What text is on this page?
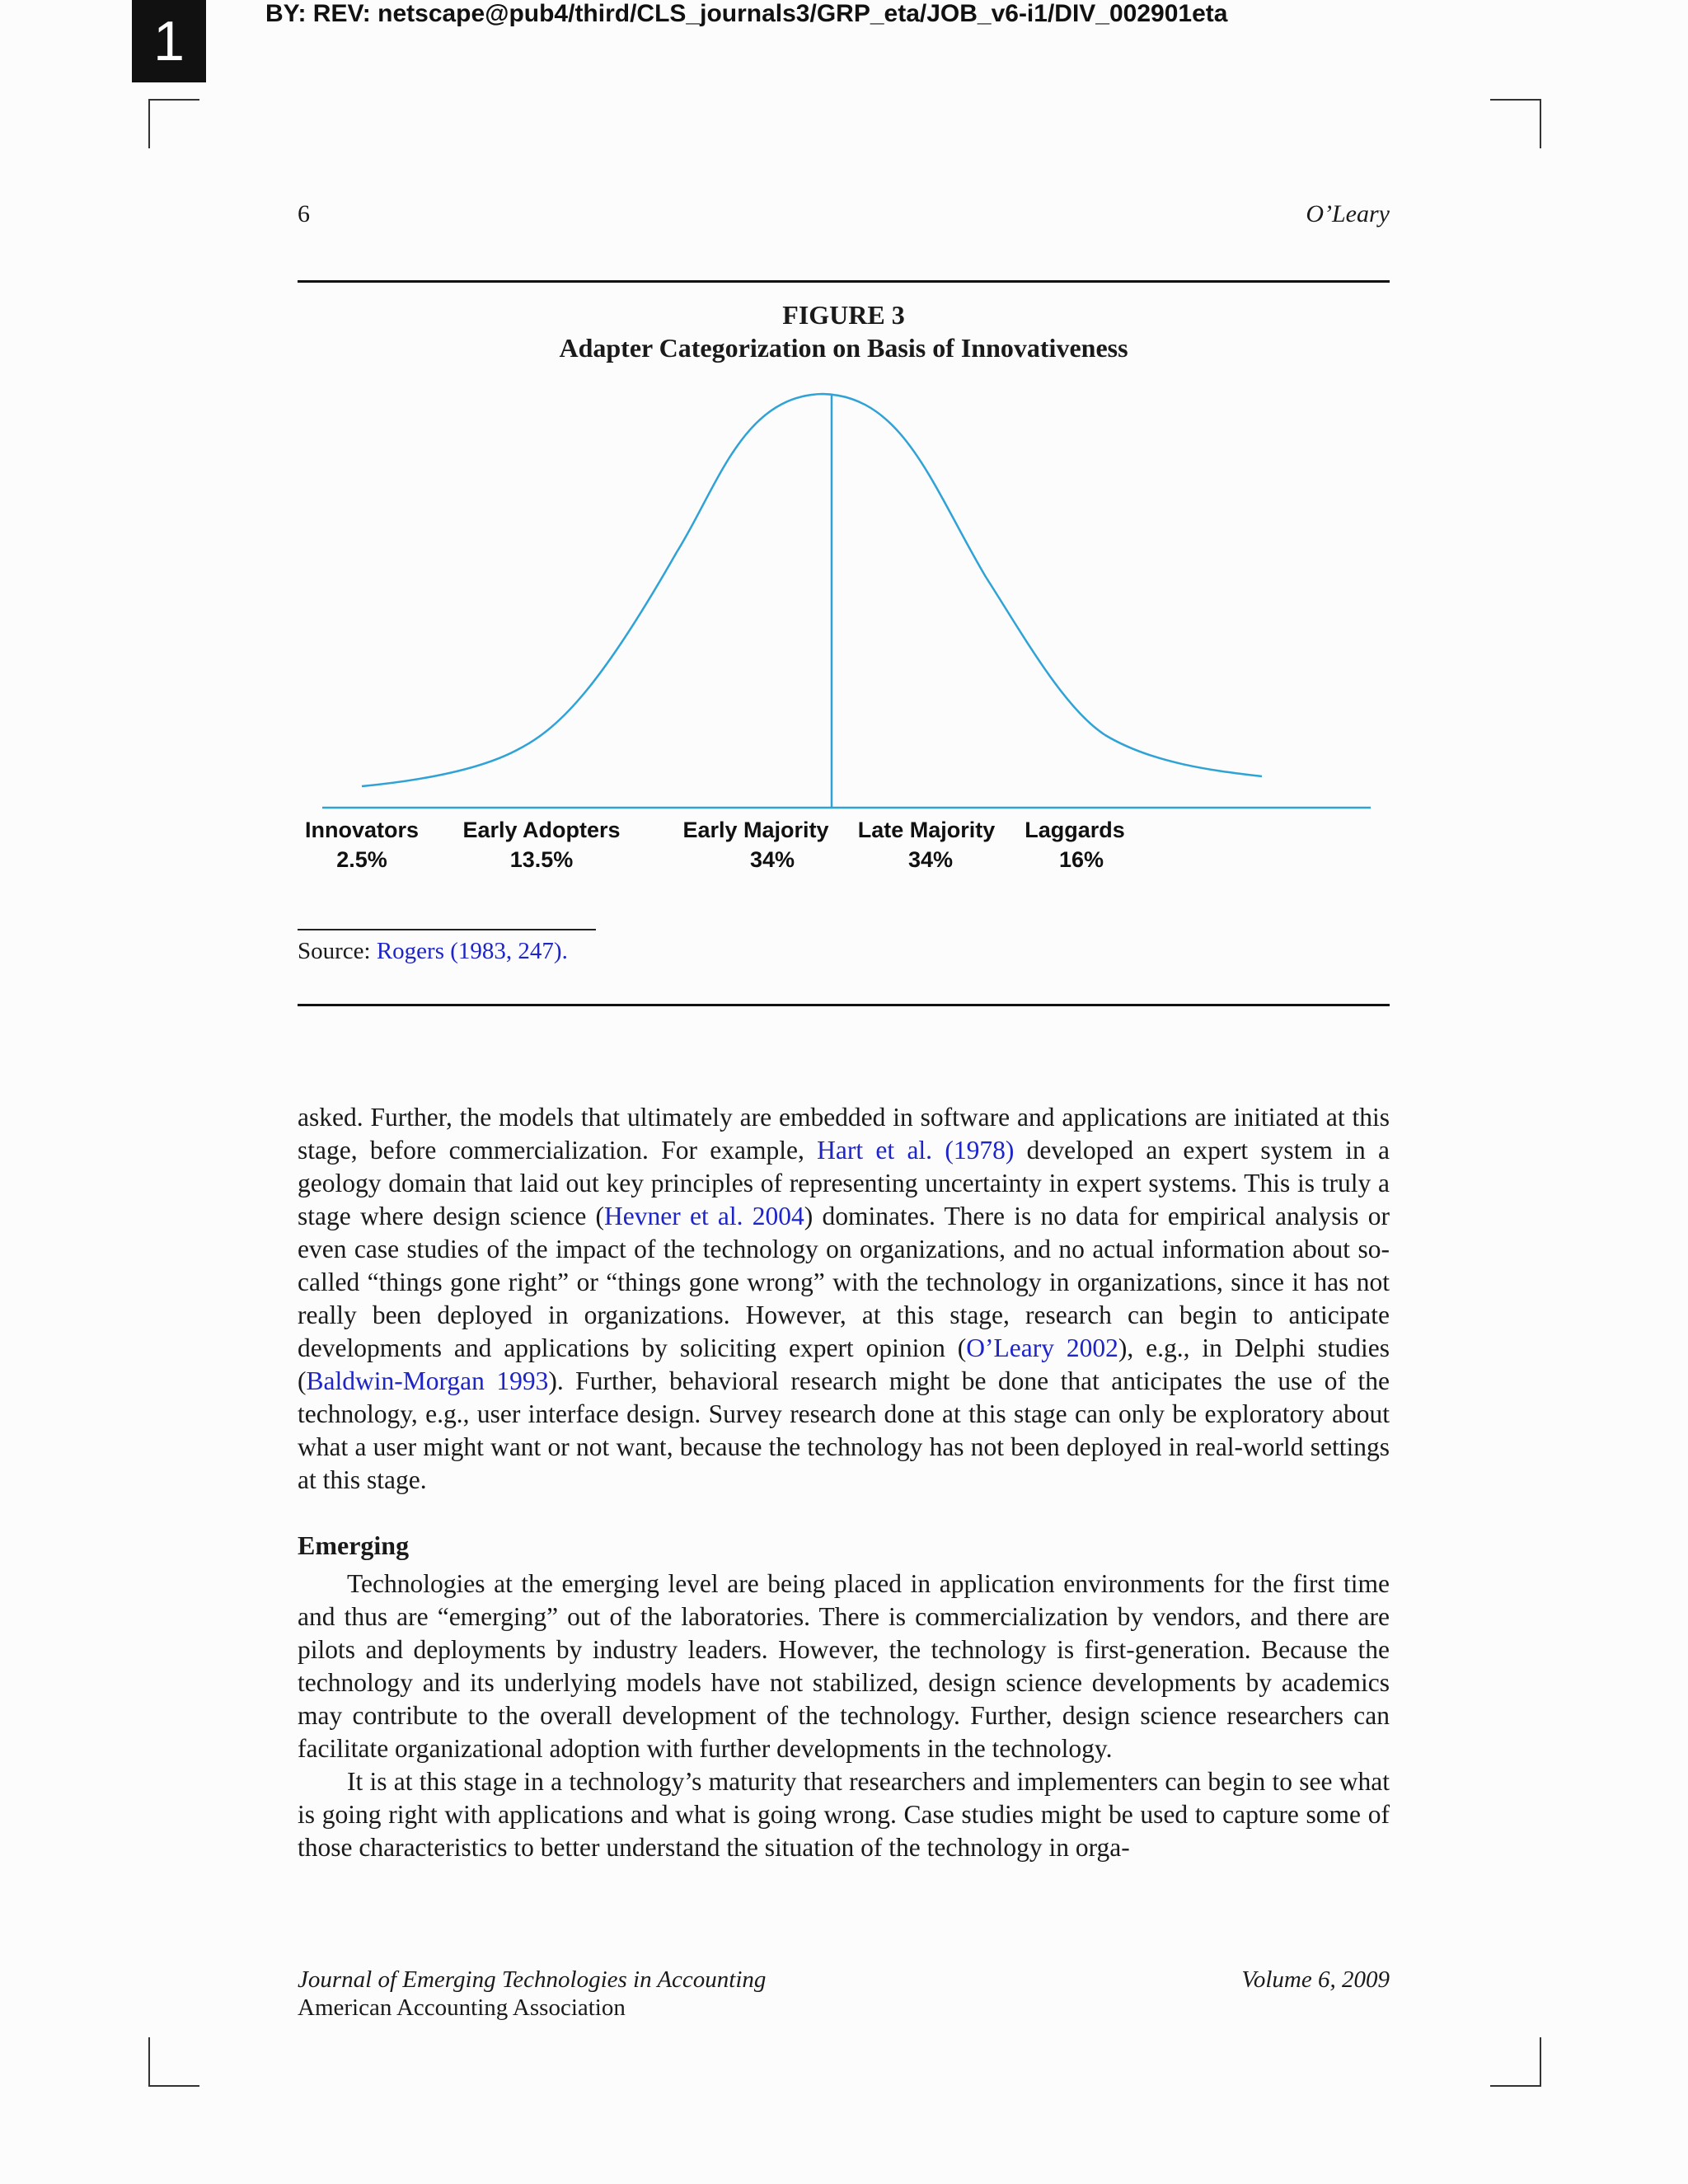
1	BY: REV: netscape@pub4/third/CLS_journals3/GRP_eta/JOB_v6-i1/DIV_002901eta
6	O’Leary
FIGURE 3
Adapter Categorization on Basis of Innovativeness
Innovators
2.5%
Early Adopters
13.5%
Early Majority
34%
Late Majority
34%
Laggards
16%
Source: Rogers (1983, 247).

asked. Further, the models that ultimately are embedded in software and applications are initiated at this stage, before commercialization. For example, Hart et al. (1978) developed an expert system in a geology domain that laid out key principles of representing uncertainty in expert systems. This is truly a stage where design science (Hevner et al. 2004) dominates. There is no data for empirical analysis or even case studies of the impact of the technology on organizations, and no actual information about so-called “things gone right” or “things gone wrong” with the technology in organizations, since it has not really been deployed in organizations. However, at this stage, research can begin to anticipate developments and applications by soliciting expert opinion (O’Leary 2002), e.g., in Delphi studies (Baldwin-Morgan 1993). Further, behavioral research might be done that anticipates the use of the technology, e.g., user interface design. Survey research done at this stage can only be exploratory about what a user might want or not want, because the technology has not been deployed in real-world settings at this stage.

Emerging

Technologies at the emerging level are being placed in application environments for the first time and thus are “emerging” out of the laboratories. There is commercialization by vendors, and there are pilots and deployments by industry leaders. However, the technology is first-generation. Because the technology and its underlying models have not stabilized, design science developments by academics may contribute to the overall development of the technology. Further, design science researchers can facilitate organizational adoption with further developments in the technology.

It is at this stage in a technology’s maturity that researchers and implementers can begin to see what is going right with applications and what is going wrong. Case studies might be used to capture some of those characteristics to better understand the situation of the technology in orga-

Journal of Emerging Technologies in Accounting
American Accounting Association
Volume 6, 2009
